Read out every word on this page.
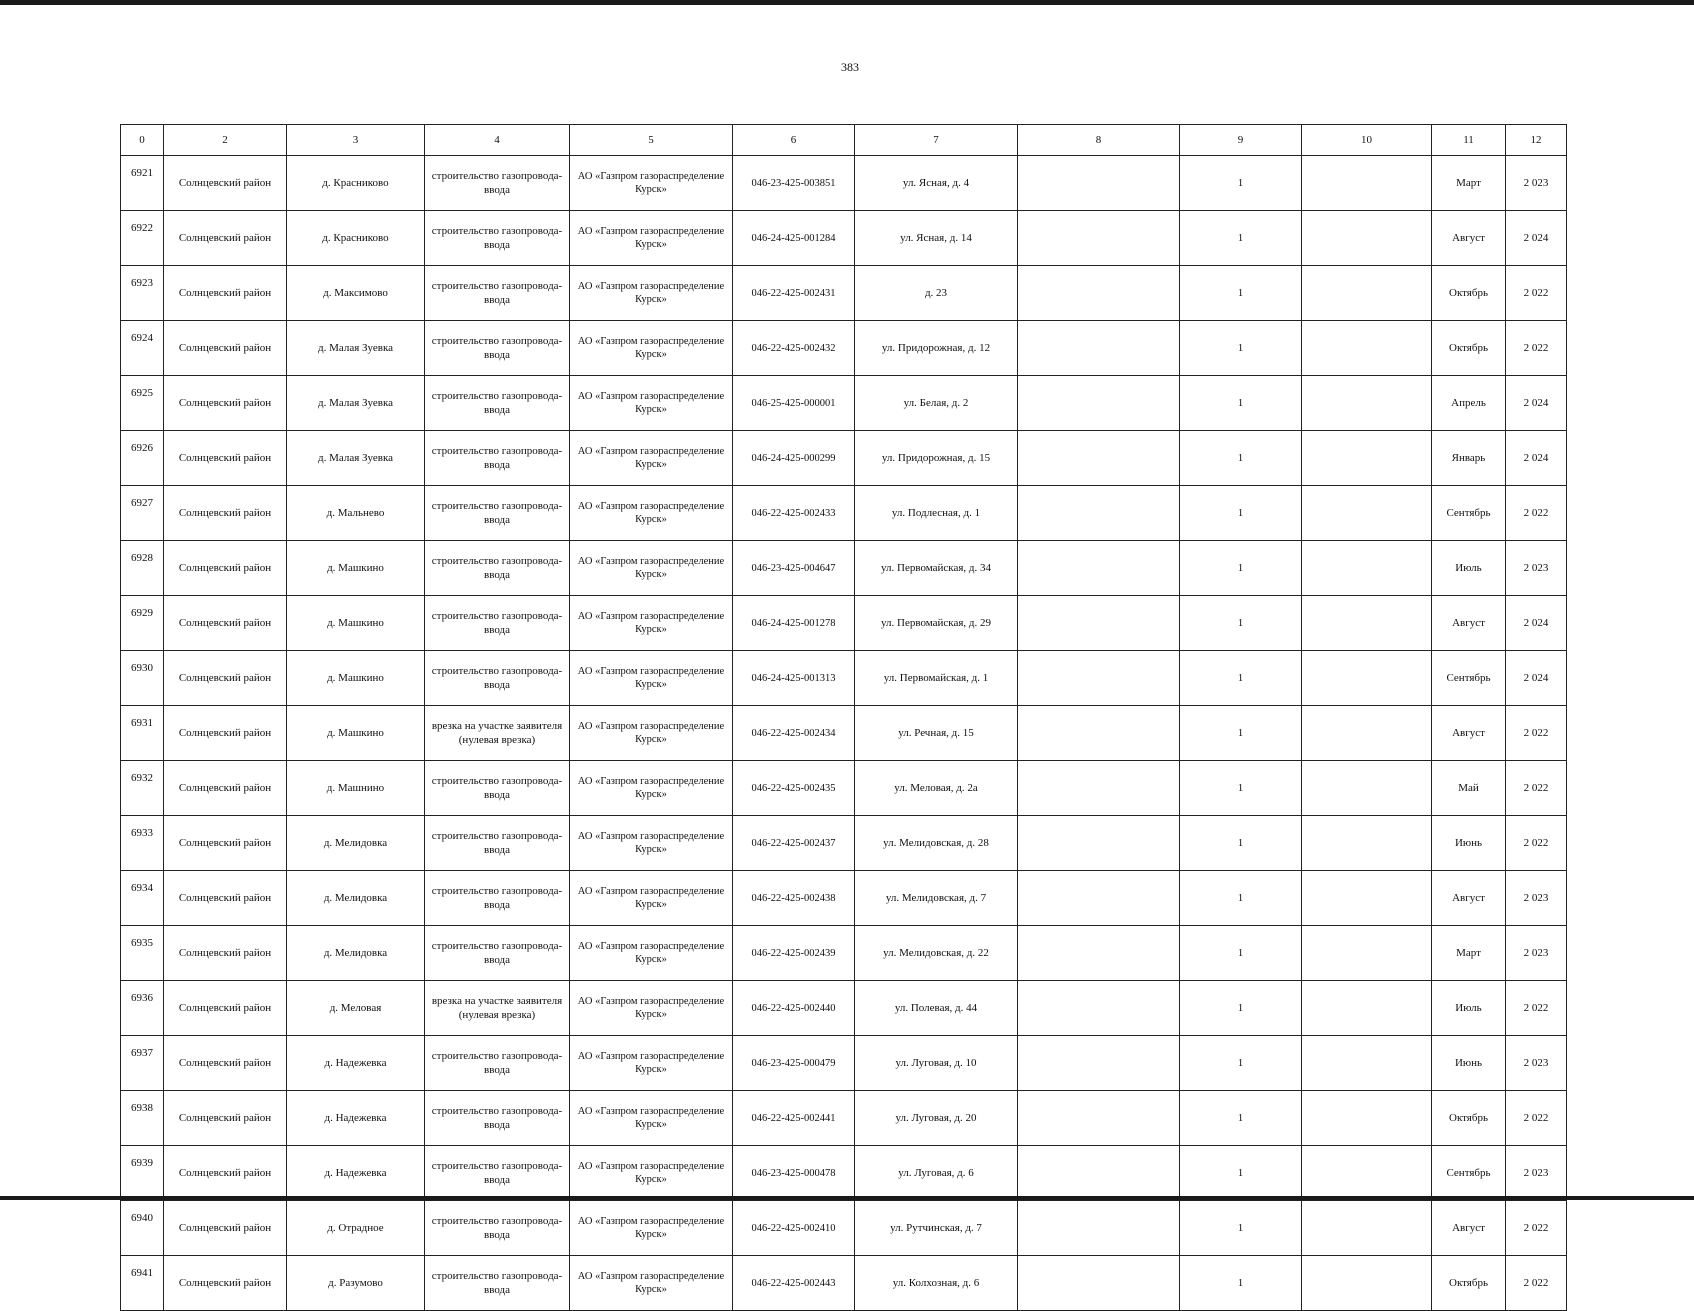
383
0	2	3	4	5	6	7	8	9	10	11	12
6921	Солнцевский район	д. Красниково	строительство газопровода-ввода	АО «Газпром газораспределение Курск»	046-23-425-003851	ул. Ясная, д. 4		1		Март	2 023
6922	Солнцевский район	д. Красниково	строительство газопровода-ввода	АО «Газпром газораспределение Курск»	046-24-425-001284	ул. Ясная, д. 14		1		Август	2 024
6923	Солнцевский район	д. Максимово	строительство газопровода-ввода	АО «Газпром газораспределение Курск»	046-22-425-002431	д. 23		1		Октябрь	2 022
6924	Солнцевский район	д. Малая Зуевка	строительство газопровода-ввода	АО «Газпром газораспределение Курск»	046-22-425-002432	ул. Придорожная, д. 12		1		Октябрь	2 022
6925	Солнцевский район	д. Малая Зуевка	строительство газопровода-ввода	АО «Газпром газораспределение Курск»	046-25-425-000001	ул. Белая, д. 2		1		Апрель	2 024
6926	Солнцевский район	д. Малая Зуевка	строительство газопровода-ввода	АО «Газпром газораспределение Курск»	046-24-425-000299	ул. Придорожная, д. 15		1		Январь	2 024
6927	Солнцевский район	д. Мальнево	строительство газопровода-ввода	АО «Газпром газораспределение Курск»	046-22-425-002433	ул. Подлесная, д. 1		1		Сентябрь	2 022
6928	Солнцевский район	д. Машкино	строительство газопровода-ввода	АО «Газпром газораспределение Курск»	046-23-425-004647	ул. Первомайская, д. 34		1		Июль	2 023
6929	Солнцевский район	д. Машкино	строительство газопровода-ввода	АО «Газпром газораспределение Курск»	046-24-425-001278	ул. Первомайская, д. 29		1		Август	2 024
6930	Солнцевский район	д. Машкино	строительство газопровода-ввода	АО «Газпром газораспределение Курск»	046-24-425-001313	ул. Первомайская, д. 1		1		Сентябрь	2 024
6931	Солнцевский район	д. Машкино	врезка на участке заявителя (нулевая врезка)	АО «Газпром газораспределение Курск»	046-22-425-002434	ул. Речная, д. 15		1		Август	2 022
6932	Солнцевский район	д. Машнино	строительство газопровода-ввода	АО «Газпром газораспределение Курск»	046-22-425-002435	ул. Меловая, д. 2а		1		Май	2 022
6933	Солнцевский район	д. Мелидовка	строительство газопровода-ввода	АО «Газпром газораспределение Курск»	046-22-425-002437	ул. Мелидовская, д. 28		1		Июнь	2 022
6934	Солнцевский район	д. Мелидовка	строительство газопровода-ввода	АО «Газпром газораспределение Курск»	046-22-425-002438	ул. Мелидовская, д. 7		1		Август	2 023
6935	Солнцевский район	д. Мелидовка	строительство газопровода-ввода	АО «Газпром газораспределение Курск»	046-22-425-002439	ул. Мелидовская, д. 22		1		Март	2 023
6936	Солнцевский район	д. Меловая	врезка на участке заявителя (нулевая врезка)	АО «Газпром газораспределение Курск»	046-22-425-002440	ул. Полевая, д. 44		1		Июль	2 022
6937	Солнцевский район	д. Надежевка	строительство газопровода-ввода	АО «Газпром газораспределение Курск»	046-23-425-000479	ул. Луговая, д. 10		1		Июнь	2 023
6938	Солнцевский район	д. Надежевка	строительство газопровода-ввода	АО «Газпром газораспределение Курск»	046-22-425-002441	ул. Луговая, д. 20		1		Октябрь	2 022
6939	Солнцевский район	д. Надежевка	строительство газопровода-ввода	АО «Газпром газораспределение Курск»	046-23-425-000478	ул. Луговая, д. 6		1		Сентябрь	2 023
6940	Солнцевский район	д. Отрадное	строительство газопровода-ввода	АО «Газпром газораспределение Курск»	046-22-425-002410	ул. Рутчинская, д. 7		1		Август	2 022
6941	Солнцевский район	д. Разумово	строительство газопровода-ввода	АО «Газпром газораспределение Курск»	046-22-425-002443	ул. Колхозная, д. 6		1		Октябрь	2 022
